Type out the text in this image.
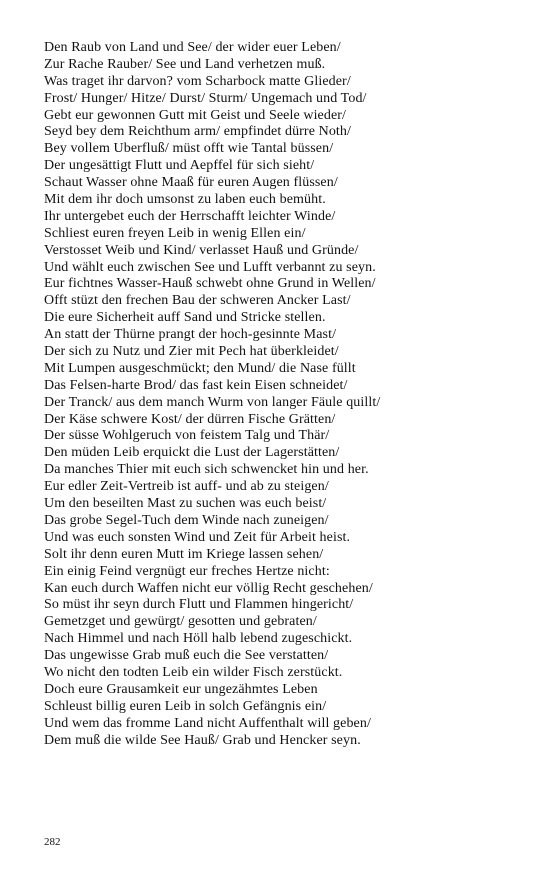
Den Raub von Land und See/ der wider euer Leben/
Zur Rache Rauber/ See und Land verhetzen muß.
Was traget ihr darvon? vom Scharbock matte Glieder/
Frost/ Hunger/ Hitze/ Durst/ Sturm/ Ungemach und Tod/
Gebt eur gewonnen Gutt mit Geist und Seele wieder/
Seyd bey dem Reichthum arm/ empfindet dürre Noth/
Bey vollem Uberfluß/ müst offt wie Tantal büssen/
Der ungesättigt Flutt und Aepffel für sich sieht/
Schaut Wasser ohne Maaß für euren Augen flüssen/
Mit dem ihr doch umsonst zu laben euch bemüht.
Ihr untergebet euch der Herrschafft leichter Winde/
Schliest euren freyen Leib in wenig Ellen ein/
Verstosset Weib und Kind/ verlasset Hauß und Gründe/
Und wählt euch zwischen See und Lufft verbannt zu seyn.
Eur fichtnes Wasser-Hauß schwebt ohne Grund in Wellen/
Offt stüzt den frechen Bau der schweren Ancker Last/
Die eure Sicherheit auff Sand und Stricke stellen.
An statt der Thürne prangt der hoch-gesinnte Mast/
Der sich zu Nutz und Zier mit Pech hat überkleidet/
Mit Lumpen ausgeschmückt; den Mund/ die Nase füllt
Das Felsen-harte Brod/ das fast kein Eisen schneidet/
Der Tranck/ aus dem manch Wurm von langer Fäule quillt/
Der Käse schwere Kost/ der dürren Fische Grätten/
Der süsse Wohlgeruch von feistem Talg und Thär/
Den müden Leib erquickt die Lust der Lagerstätten/
Da manches Thier mit euch sich schwencket hin und her.
Eur edler Zeit-Vertreib ist auff- und ab zu steigen/
Um den beseilten Mast zu suchen was euch beist/
Das grobe Segel-Tuch dem Winde nach zuneigen/
Und was euch sonsten Wind und Zeit für Arbeit heist.
Solt ihr denn euren Mutt im Kriege lassen sehen/
Ein einig Feind vergnügt eur freches Hertze nicht:
Kan euch durch Waffen nicht eur völlig Recht geschehen/
So müst ihr seyn durch Flutt und Flammen hingericht/
Gemetzget und gewürgt/ gesotten und gebraten/
Nach Himmel und nach Höll halb lebend zugeschickt.
Das ungewisse Grab muß euch die See verstatten/
Wo nicht den todten Leib ein wilder Fisch zerstückt.
Doch eure Grausamkeit eur ungezähmtes Leben
Schleust billig euren Leib in solch Gefängnis ein/
Und wem das fromme Land nicht Auffenthalt will geben/
Dem muß die wilde See Hauß/ Grab und Hencker seyn.
282
